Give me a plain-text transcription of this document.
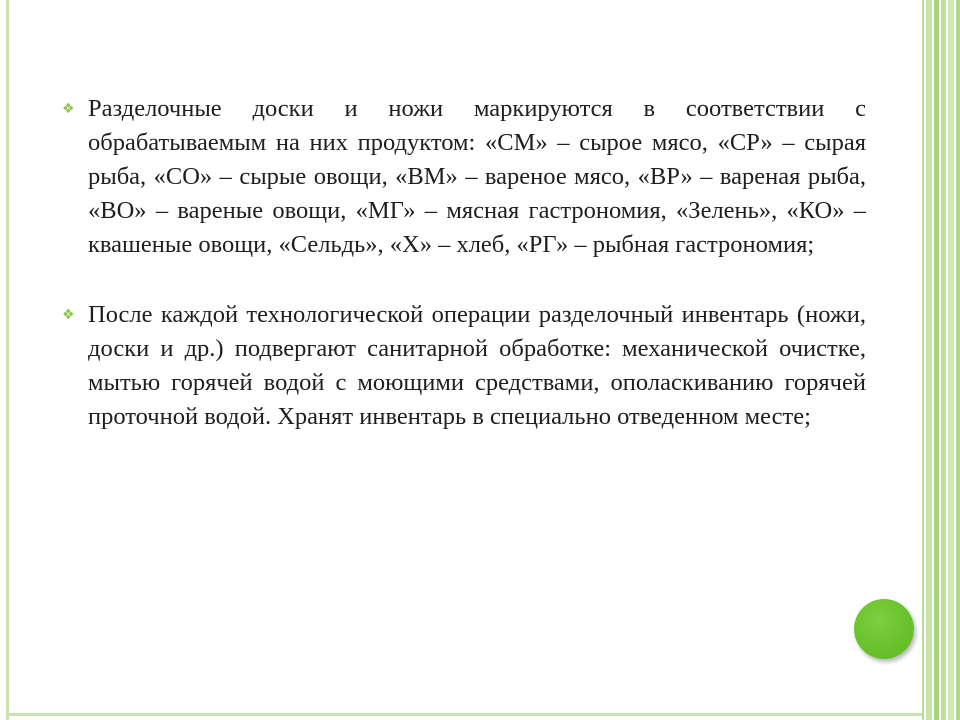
❖ Разделочные доски и ножи маркируются в соответствии с обрабатываемым на них продуктом: «СМ» – сырое мясо, «СР» – сырая рыба, «СО» – сырые овощи, «ВМ» – вареное мясо, «ВР» – вареная рыба, «ВО» – вареные овощи, «МГ» – мясная гастрономия, «Зелень», «КО» – квашеные овощи, «Сельдь», «Х» – хлеб, «РГ» – рыбная гастрономия;
❖ После каждой технологической операции разделочный инвентарь (ножи, доски и др.) подвергают санитарной обработке: механической очистке, мытью горячей водой с моющими средствами, ополаскиванию горячей проточной водой. Хранят инвентарь в специально отведенном месте;
